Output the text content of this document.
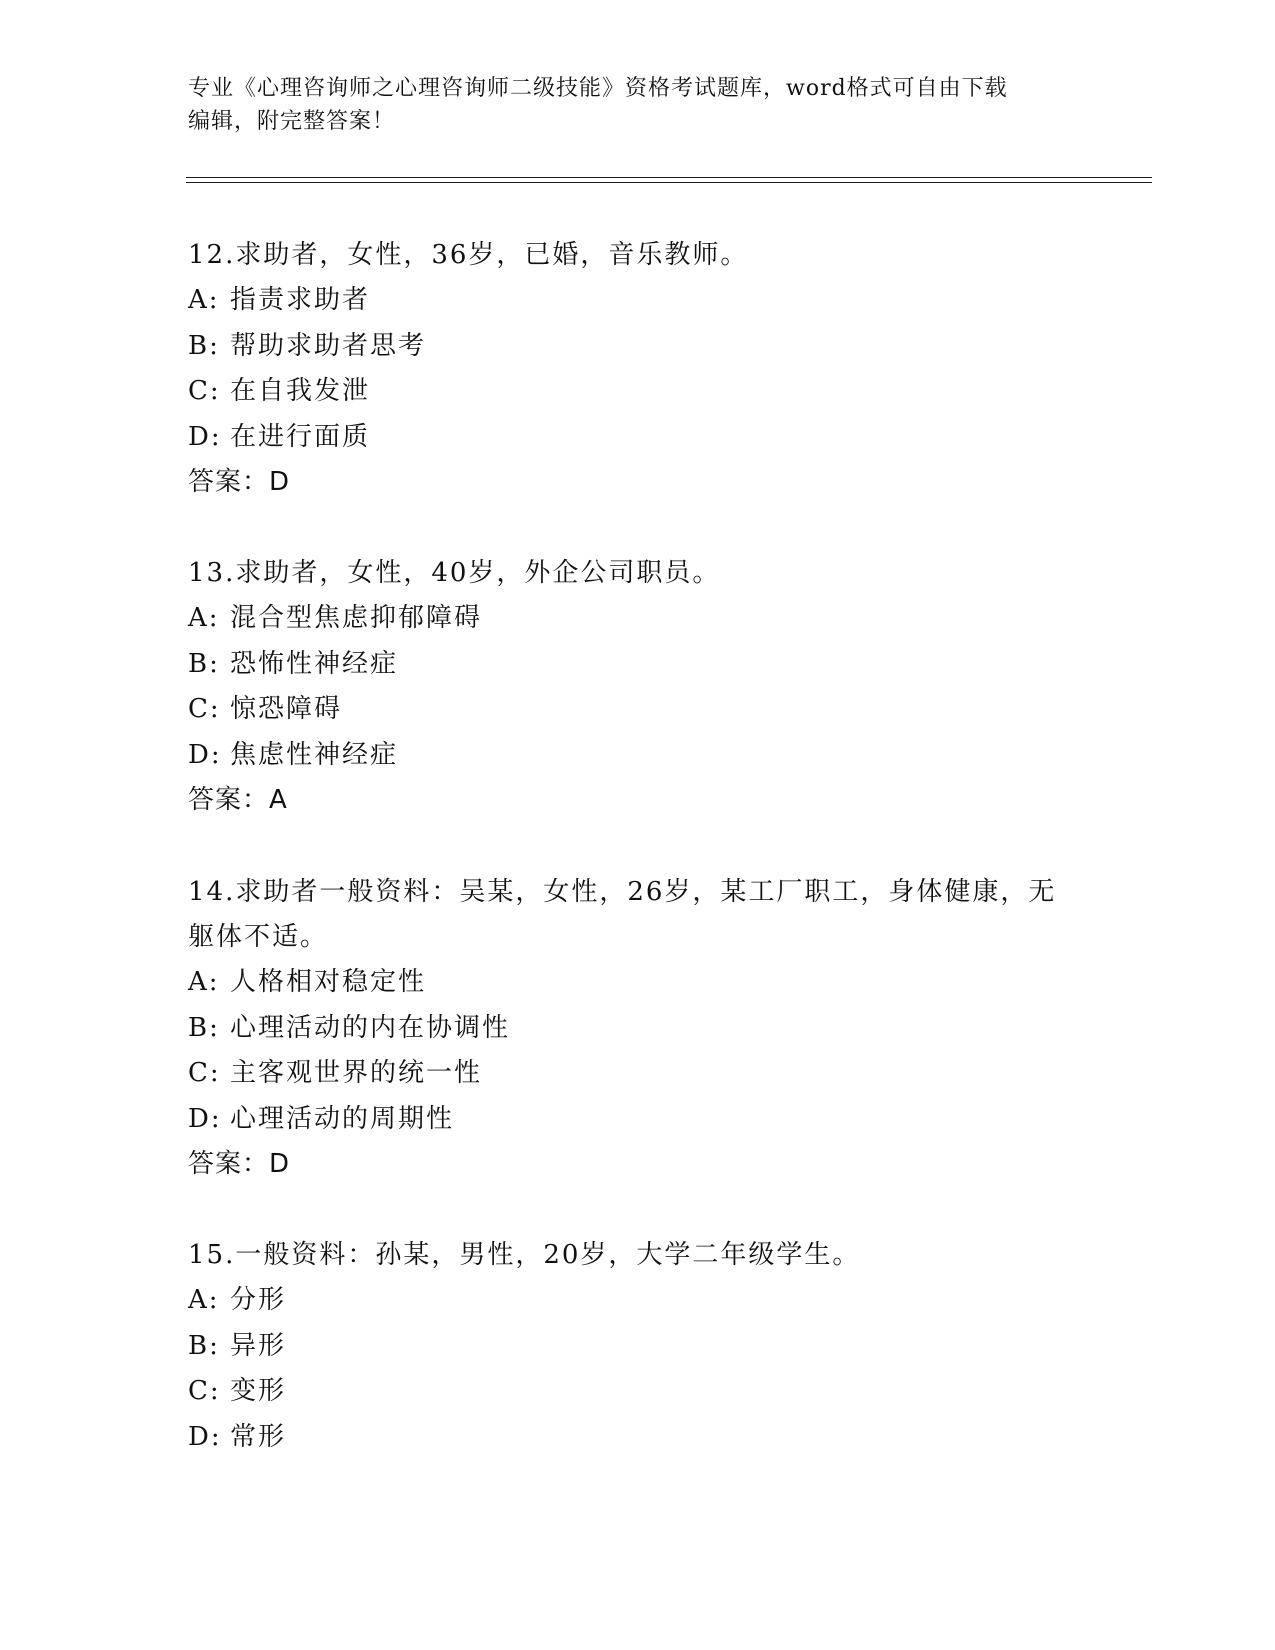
专业《心理咨询师之心理咨询师二级技能》资格考试题库，word格式可自由下载
编辑，附完整答案！

12.求助者，女性，36岁，已婚，音乐教师。

A: 指责求助者
B: 帮助求助者思考
C: 在自我发泄
D: 在进行面质

答案：D

13.求助者，女性，40岁，外企公司职员。

A: 混合型焦虑抑郁障碍
B: 恐怖性神经症
C: 惊恐障碍
D: 焦虑性神经症

答案：A

14.求助者一般资料：吴某，女性，26岁，某工厂职工，身体健康，无
躯体不适。

A: 人格相对稳定性
B: 心理活动的内在协调性
C: 主客观世界的统一性
D: 心理活动的周期性

答案：D

15.一般资料：孙某，男性，20岁，大学二年级学生。

A: 分形
B: 异形
C: 变形
D: 常形
